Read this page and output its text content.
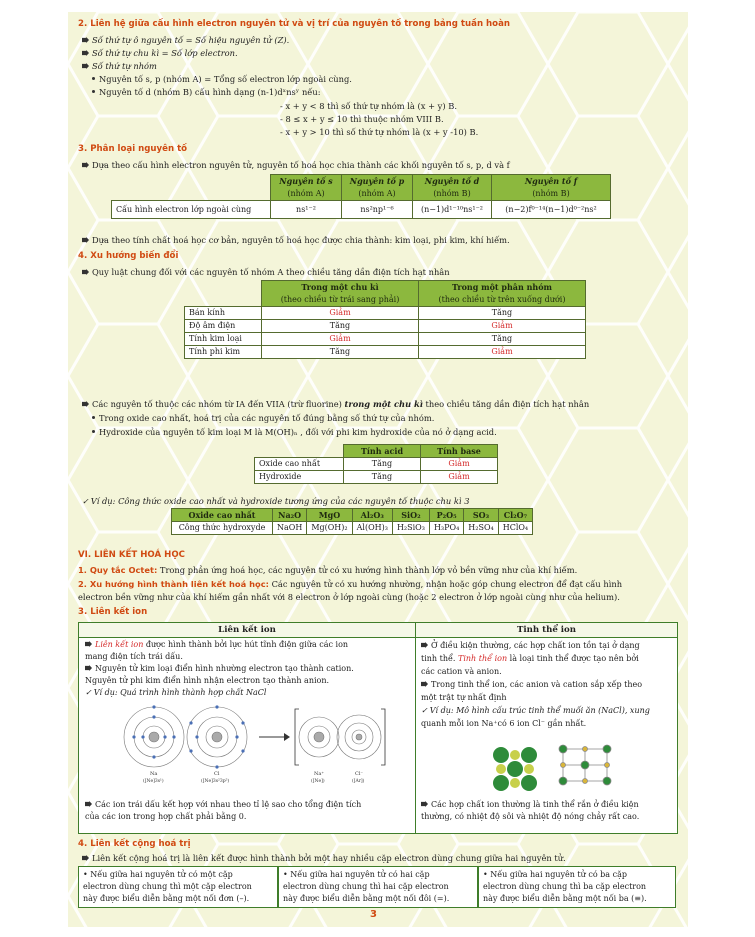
2. Liên hệ giữa cấu hình electron nguyên tử và vị trí của nguyên tố trong bảng tuần hoàn
Số thứ tự ô nguyên tố = Số hiệu nguyên tử (Z).
Số thứ tự chu kì = Số lớp electron.
Số thứ tự nhóm
Nguyên tố s, p (nhóm A) = Tổng số electron lớp ngoài cùng.
Nguyên tố d (nhóm B) cấu hình dạng (n-1)dˣnsʸ nếu:
- x + y < 8 thì số thứ tự nhóm là (x + y) B.
- 8 ≤ x + y ≤ 10 thì thuộc nhóm VIII B.
- x + y > 10 thì số thứ tự nhóm là (x + y -10) B.
3. Phân loại nguyên tố
Dựa theo cấu hình electron nguyên tử, nguyên tố hoá học chia thành các khối nguyên tố s, p, d và f
	Nguyên tố s
(nhóm A)	Nguyên tố p
(nhóm A)	Nguyên tố d
(nhóm B)	Nguyên tố f
(nhóm B)
Cấu hình electron lớp ngoài cùng	ns¹⁻²	ns²np¹⁻⁶	(n−1)d¹⁻¹⁰ns¹⁻²	(n−2)f⁰⁻¹⁴(n−1)d⁰⁻²ns²
Dựa theo tính chất hoá học cơ bản, nguyên tố hoá học được chia thành: kim loại, phi kim, khí hiếm.
4. Xu hướng biến đổi
Quy luật chung đối với các nguyên tố nhóm A theo chiều tăng dần điện tích hạt nhân
	Trong một chu kì
(theo chiều từ trái sang phải)	Trong một phân nhóm
(theo chiều từ trên xuống dưới)
Bán kính	Giảm	Tăng
Độ âm điện	Tăng	Giảm
Tính kim loại	Giảm	Tăng
Tính phi kim	Tăng	Giảm
Các nguyên tố thuộc các nhóm từ IA đến VIIA (trừ fluorine) trong một chu kì theo chiều tăng dần điện tích hạt nhân
Trong oxide cao nhất, hoá trị của các nguyên tố đúng bằng số thứ tự của nhóm.
Hydroxide của nguyên tố kim loại M là M(OH)ₙ , đối với phi kim hydroxide của nó ở dạng acid.
	Tính acid	Tính base
Oxide cao nhất	Tăng	Giảm
Hydroxide	Tăng	Giảm
✓ Ví dụ: Công thức oxide cao nhất và hydroxide tương ứng của các nguyên tố thuộc chu kì 3
Oxide cao nhất	Na₂O	MgO	Al₂O₃	SiO₂	P₂O₅	SO₃	Cl₂O₇
Công thức hydroxyde	NaOH	Mg(OH)₂	Al(OH)₃	H₂SiO₃	H₃PO₄	H₂SO₄	HClO₄
VI. LIÊN KẾT HOÁ HỌC
1. Quy tắc Octet: Trong phản ứng hoá học, các nguyên tử có xu hướng hình thành lớp vỏ bền vững như của khí hiếm.
2. Xu hướng hình thành liên kết hoá học: Các nguyên tử có xu hướng nhường, nhận hoặc góp chung electron để đạt cấu hình
electron bền vững như của khí hiếm gần nhất với 8 electron ở lớp ngoài cùng (hoặc 2 electron ở lớp ngoài cùng như của helium).
3. Liên kết ion
Liên kết ion	Tinh thể ion
Liên kết ion được hình thành bởi lực hút tĩnh điện giữa các ion
mang điện tích trái dấu.
Nguyên tử kim loại điển hình nhường electron tạo thành cation.
Nguyên tử phi kim điển hình nhận electron tạo thành anion.
✓ Ví dụ: Quá trình hình thành hợp chất NaCl
Na
([Ne]3s¹)
Cl
([Ne]3s²3p⁵)
Na⁺
([Ne])
Cl⁻
([Ar])
Các ion trái dấu kết hợp với nhau theo tỉ lệ sao cho tổng điện tích
của các ion trong hợp chất phải bằng 0.
Ở điều kiện thường, các hợp chất ion tồn tại ở dạng
tinh thể. Tinh thể ion là loại tinh thể được tạo nên bởi
các cation và anion.
Trong tinh thể ion, các anion và cation sắp xếp theo
một trật tự nhất định
✓ Ví dụ: Mô hình cấu trúc tinh thể muối ăn (NaCl), xung
quanh mỗi ion Na⁺có 6 ion Cl⁻ gần nhất.
Các hợp chất ion thường là tinh thể rắn ở điều kiện
thường, có nhiệt độ sôi và nhiệt độ nóng chảy rất cao.
4. Liên kết cộng hoá trị
Liên kết cộng hoá trị là liên kết được hình thành bởi một hay nhiều cặp electron dùng chung giữa hai nguyên tử.
• Nếu giữa hai nguyên tử có một cặp
electron dùng chung thì một cặp electron
này được biểu diễn bằng một nối đơn (–).
• Nếu giữa hai nguyên tử có hai cặp
electron dùng chung thì hai cặp electron
này được biểu diễn bằng một nối đôi (=).
• Nếu giữa hai nguyên tử có ba cặp
electron dùng chung thì ba cặp electron
này được biểu diễn bằng một nối ba (≡).
3
